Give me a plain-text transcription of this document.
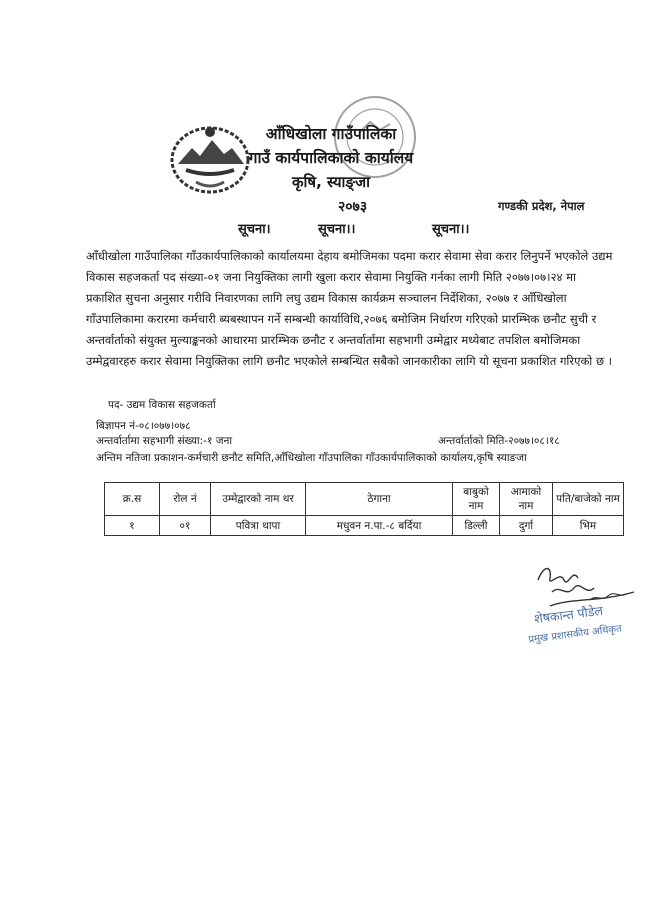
आँधिखोला गाउँपालिका
गाउँ कार्यपालिकाको कार्यालय
कृषि, स्याङ्जा
२०७३	गण्डकी प्रदेश, नेपाल
सूचना।	सूचना।।	सूचना।।
आँधीखोला गाउँपालिका गाँउकार्यपालिकाको कार्यालयमा देहाय बमोजिमका पदमा करार सेवामा सेवा करार लिनुपर्ने भएकोले उद्यम विकास सहजकर्ता पद संख्या-०१ जना नियुक्तिका लागी खुला करार सेवामा नियुक्ति गर्नका लागी मिति २०७७।०७।२४ मा प्रकाशित सुचना अनुसार गरीवि निवारणका लागि लघु उद्यम विकास कार्यक्रम सञ्चालन निर्देशिका, २०७७ र आँधिखोला गाँउपालिकामा करारमा कर्मचारी ब्यबस्थापन गर्ने सम्बन्धी कार्याविधि,२०७६ बमोजिम निर्धारण गरिएको प्रारम्भिक छनौट सुची र अन्तर्वार्ताको संयुक्त मुल्याङ्कनको आधारमा प्रारम्भिक छनौट र अन्तर्वार्तामा सहभागी उम्मेद्वार मध्येबाट तपशिल बमोजिमका उम्मेद्ववारहरु करार सेवामा नियुक्तिका लागि छनौट भएकोले सम्बन्धित सबैको जानकारीका लागि यो सूचना प्रकाशित गरिएको छ ।
पद- उद्यम विकास सहजकर्ता
बिज्ञापन नं-०८।०७७।०७८
अन्तर्वार्तामा सहभागी संख्या:-१ जना	अन्तर्वार्ताको मिति-२०७७।०८।१८
अन्तिम नतिजा प्रकाशन-कर्मचारी छनौट समिति,आँधिखोला गाँउपालिका गाँउकार्यपालिकाको कार्यालय,कृषि स्याङजा
क्र.स	रोल नं	उम्मेद्वारको नाम थर	ठेगाना	बाबुको नाम	आमाको नाम	पति/बाजेको नाम
१	०१	पवित्रा थापा	मधुवन न.पा.-८ बर्दिया	डिल्ली	दुर्गा	भिम
शेषकान्त पौडेल
प्रमुख प्रशासकीय अधिकृत
